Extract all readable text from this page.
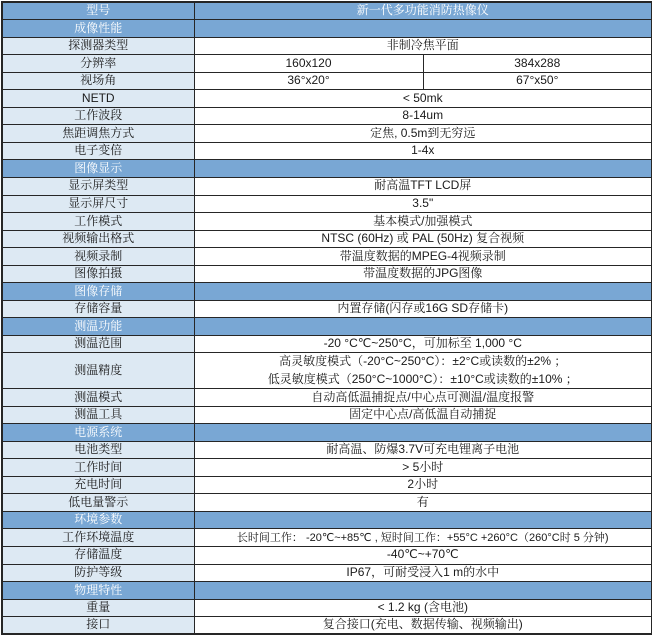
型号	新一代多功能消防热像仪	
成像性能		
探测器类型	非制冷焦平面	
分辨率	160x120	384x288
视场角	36°x20°	67°x50°
NETD	< 50mk	
工作波段	8-14um	
焦距调焦方式	定焦, 0.5m到无穷远	
电子变倍	1-4x	
图像显示		
显示屏类型	耐高温TFT LCD屏	
显示屏尺寸	3.5"	
工作模式	基本模式/加强模式	
视频输出格式	NTSC (60Hz) 或 PAL (50Hz) 复合视频	
视频录制	带温度数据的MPEG-4视频录制	
图像拍摄	带温度数据的JPG图像	
图像存储		
存储容量	内置存储(闪存或16G SD存储卡)	
测温功能		
测温范围	-20 °C℃~250°C，可加标至 1,000 °C	
测温精度	高灵敏度模式（-20°C~250°C）：±2°C或读数的±2% ；
低灵敏度模式（250°C~1000°C）：±10°C或读数的±10% ；	

测温模式	自动高低温捕捉点/中心点可测温/温度报警	
测温工具	固定中心点/高低温自动捕捉	
电源系统		
电池类型	耐高温、防爆3.7V可充电锂离子电池	
工作时间	> 5小时	
充电时间	2小时	
低电量警示	有	
环境参数		
工作环境温度	长时间工作： -20℃~+85℃ , 短时间工作：+55°C +260°C（260°C时 5 分钟)	
存储温度	-40℃~+70℃	
防护等级	IP67，可耐受浸入1 m的水中	
物理特性		
重量	< 1.2 kg (含电池)	
接口	复合接口(充电、数据传输、视频输出)	
